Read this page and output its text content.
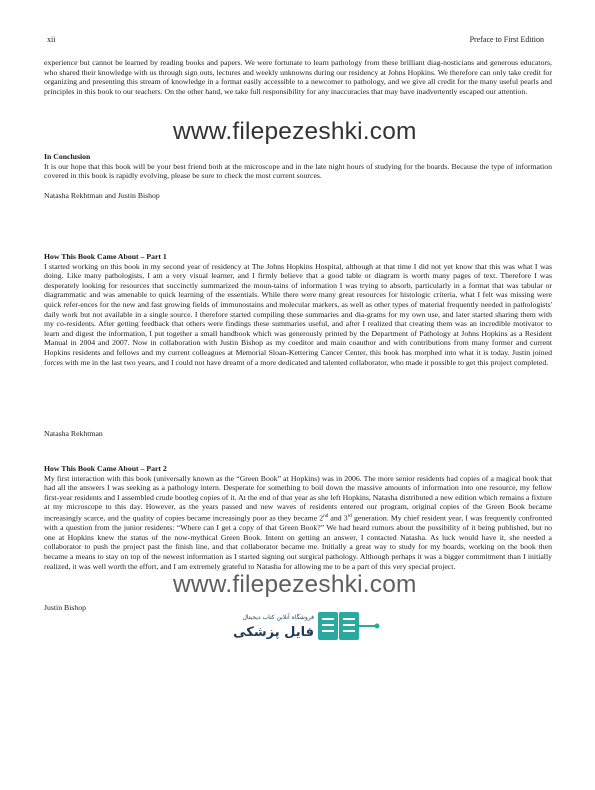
xii	Preface to First Edition

experience but cannot be learned by reading books and papers. We were fortunate to learn pathology from these brilliant diag-nosticians and generous educators, who shared their knowledge with us through sign outs, lectures and weekly unknowns during our residency at Johns Hopkins. We therefore can only take credit for organizing and presenting this stream of knowledge in a format easily accessible to a newcomer to pathology, and we give all credit for the many useful pearls and principles in this book to our teachers. On the other hand, we take full responsibility for any inaccuracies that may have inadvertently escaped our attention.

www.filepezeshki.com

In Conclusion

It is our hope that this book will be your best friend both at the microscope and in the late night hours of studying for the boards. Because the type of information covered in this book is rapidly evolving, please be sure to check the most current sources.

Natasha Rekhtman and Justin Bishop

How This Book Came About – Part 1

I started working on this book in my second year of residency at The Johns Hopkins Hospital, although at that time I did not yet know that this was what I was doing. Like many pathologists, I am a very visual learner, and I firmly believe that a good table or diagram is worth many pages of text. Therefore I was desperately looking for resources that succinctly summarized the moun-tains of information I was trying to absorb, particularly in a format that was tabular or diagrammatic and was amenable to quick learning of the essentials. While there were many great resources for histologic criteria, what I felt was missing were quick refer-ences for the new and fast growing fields of immunostains and molecular markers, as well as other types of material frequently needed in pathologists' daily work but not available in a single source. I therefore started compiling these summaries and dia-grams for my own use, and later started sharing them with my co-residents. After getting feedback that others were findings these summaries useful, and after I realized that creating them was an incredible motivator to learn and digest the information, I put together a small handbook which was generously printed by the Department of Pathology at Johns Hopkins as a Resident Manual in 2004 and 2007. Now in collaboration with Justin Bishop as my coeditor and main coauthor and with contributions from many former and current Hopkins residents and fellows and my current colleagues at Memorial Sloan-Kettering Cancer Center, this book has morphed into what it is today. Justin joined forces with me in the last two years, and I could not have dreamt of a more dedicated and talented collaborator, who made it possible to get this project completed.

Natasha Rekhtman

How This Book Came About – Part 2

My first interaction with this book (universally known as the “Green Book” at Hopkins) was in 2006. The more senior residents had copies of a magical book that had all the answers I was seeking as a pathology intern. Desperate for something to boil down the massive amounts of information into one resource, my fellow first-year residents and I assembled crude bootleg copies of it. At the end of that year as she left Hopkins, Natasha distributed a new edition which remains a fixture at my microscope to this day. However, as the years passed and new waves of residents entered our program, original copies of the Green Book became increasingly scarce, and the quality of copies became increasingly poor as they became 2nd and 3rd generation. My chief resident year, I was frequently confronted with a question from the junior residents: “Where can I get a copy of that Green Book?” We had heard rumors about the possibility of it being published, but no one at Hopkins knew the status of the now-mythical Green Book. Intent on getting an answer, I contacted Natasha. As luck would have it, she needed a collaborator to push the project past the finish line, and that collaborator became me. Initially a great way to study for my boards, working on the book then became a means to stay on top of the newest information as I started signing out surgical pathology. Although perhaps it was a bigger commitment than I initially realized, it was well worth the effort, and I am extremely grateful to Natasha for allowing me to be a part of this very special project.

Justin Bishop
www.filepezeshki.com
فروشگاه آنلاین کتاب دیجیتال
فایل پزشکی
